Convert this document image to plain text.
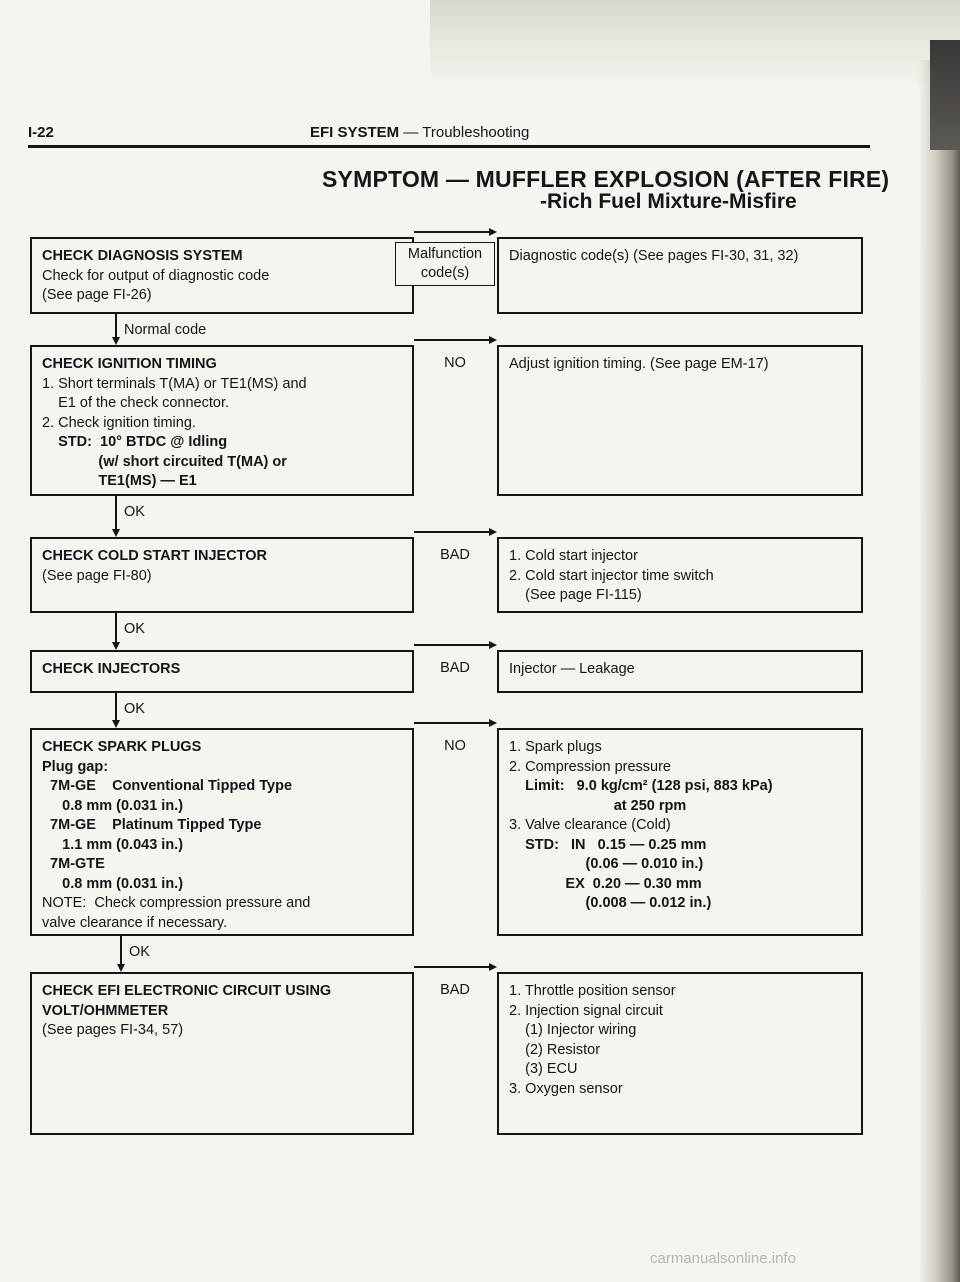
I-22	EFI SYSTEM — Troubleshooting
SYMPTOM — MUFFLER EXPLOSION (AFTER FIRE)
-Rich Fuel Mixture-Misfire
CHECK DIAGNOSIS SYSTEM
Check for output of diagnostic code
(See page FI-26)
Diagnostic code(s) (See pages FI-30, 31, 32)
Malfunction code(s)
Normal code
CHECK IGNITION TIMING
1. Short terminals T(MA) or TE1(MS) and
E1 of the check connector.
2. Check ignition timing.
STD:  10° BTDC @ Idling
(w/ short circuited T(MA) or
TE1(MS) — E1
Adjust ignition timing. (See page EM-17)
NO
OK
CHECK COLD START INJECTOR
(See page FI-80)
1. Cold start injector
2. Cold start injector time switch
(See page FI-115)
BAD
OK
CHECK INJECTORS	Injector — Leakage
BAD
OK
CHECK SPARK PLUGS
Plug gap:
7M-GE    Conventional Tipped Type
0.8 mm (0.031 in.)
7M-GE    Platinum Tipped Type
1.1 mm (0.043 in.)
7M-GTE
0.8 mm (0.031 in.)
NOTE:  Check compression pressure and
valve clearance if necessary.
1. Spark plugs
2. Compression pressure
Limit:   9.0 kg/cm² (128 psi, 883 kPa)
at 250 rpm
3. Valve clearance (Cold)
STD:   IN   0.15 — 0.25 mm
(0.06 — 0.010 in.)
EX  0.20 — 0.30 mm
(0.008 — 0.012 in.)
NO
OK
CHECK EFI ELECTRONIC CIRCUIT USING
VOLT/OHMMETER
(See pages FI-34, 57)
1. Throttle position sensor
2. Injection signal circuit
(1) Injector wiring
(2) Resistor
(3) ECU
3. Oxygen sensor
BAD
carmanualsonline.info
